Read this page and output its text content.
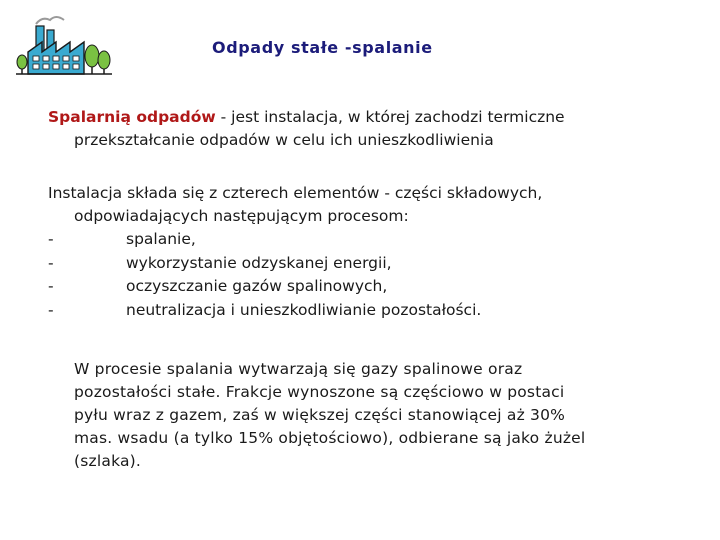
Odpady stałe -spalanie
Spalarnią odpadów - jest instalacja, w której zachodzi termiczne
przekształcanie odpadów w celu ich unieszkodliwienia
Instalacja składa się z czterech elementów - części składowych,
odpowiadających następującym procesom:
-	spalanie,
-	wykorzystanie odzyskanej energii,
-	oczyszczanie gazów spalinowych,
-	neutralizacja i unieszkodliwianie pozostałości.
W procesie spalania wytwarzają się gazy spalinowe oraz
pozostałości stałe. Frakcje wynoszone są częściowo w postaci
pyłu wraz z gazem, zaś w większej części stanowiącej aż 30%
mas. wsadu (a tylko 15% objętościowo), odbierane są jako żużel
(szlaka).
